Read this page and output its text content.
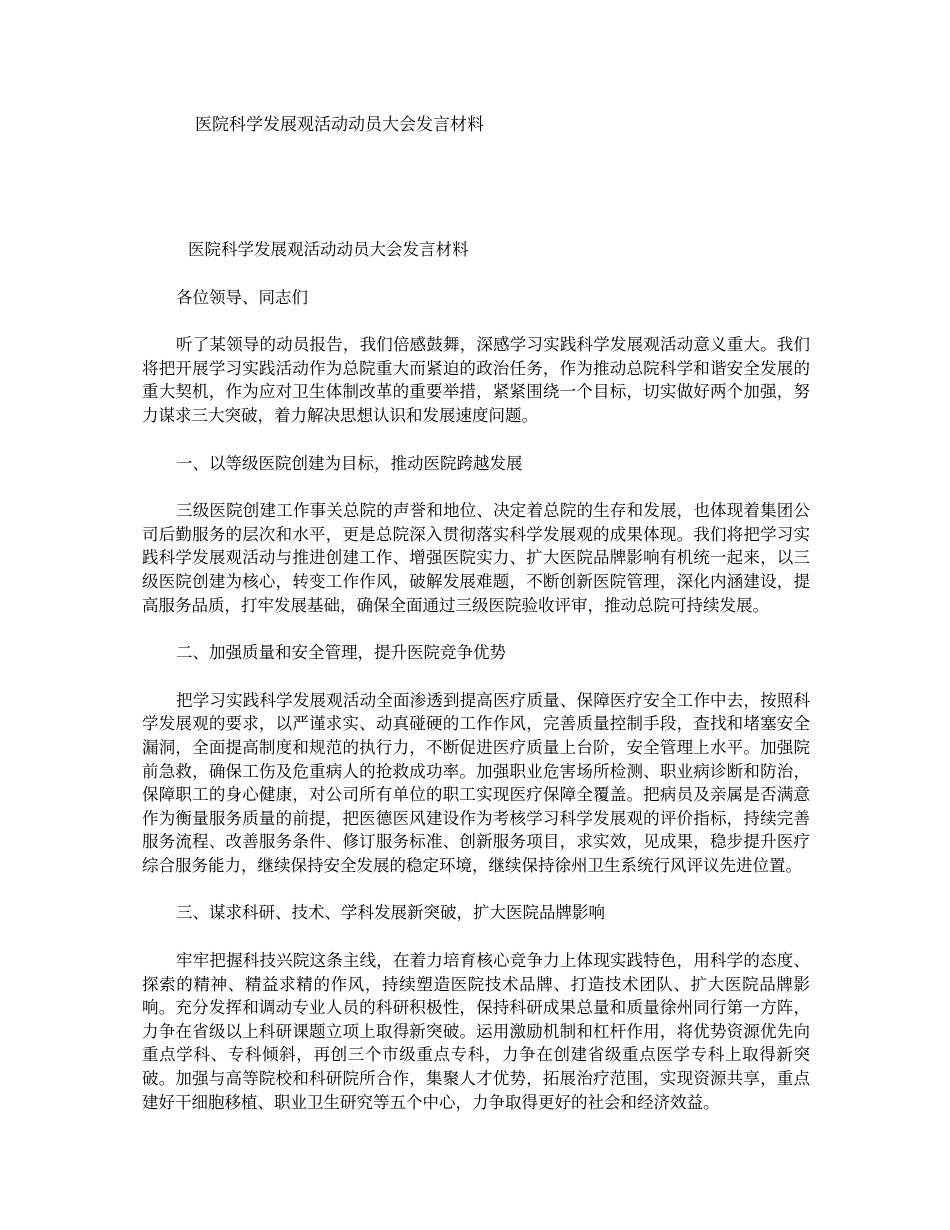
医院科学发展观活动动员大会发言材料

医院科学发展观活动动员大会发言材料

各位领导、同志们

听了某领导的动员报告，我们倍感鼓舞，深感学习实践科学发展观活动意义重大。我们将把开展学习实践活动作为总院重大而紧迫的政治任务，作为推动总院科学和谐安全发展的重大契机，作为应对卫生体制改革的重要举措，紧紧围绕一个目标，切实做好两个加强，努力谋求三大突破，着力解决思想认识和发展速度问题。

一、以等级医院创建为目标，推动医院跨越发展

三级医院创建工作事关总院的声誉和地位、决定着总院的生存和发展，也体现着集团公司后勤服务的层次和水平，更是总院深入贯彻落实科学发展观的成果体现。我们将把学习实践科学发展观活动与推进创建工作、增强医院实力、扩大医院品牌影响有机统一起来，以三级医院创建为核心，转变工作作风，破解发展难题，不断创新医院管理，深化内涵建设，提高服务品质，打牢发展基础，确保全面通过三级医院验收评审，推动总院可持续发展。

二、加强质量和安全管理，提升医院竞争优势

把学习实践科学发展观活动全面渗透到提高医疗质量、保障医疗安全工作中去，按照科学发展观的要求，以严谨求实、动真碰硬的工作作风，完善质量控制手段，查找和堵塞安全漏洞，全面提高制度和规范的执行力，不断促进医疗质量上台阶，安全管理上水平。加强院前急救，确保工伤及危重病人的抢救成功率。加强职业危害场所检测、职业病诊断和防治，保障职工的身心健康，对公司所有单位的职工实现医疗保障全覆盖。把病员及亲属是否满意作为衡量服务质量的前提，把医德医风建设作为考核学习科学发展观的评价指标，持续完善服务流程、改善服务条件、修订服务标准、创新服务项目，求实效，见成果，稳步提升医疗综合服务能力，继续保持安全发展的稳定环境，继续保持徐州卫生系统行风评议先进位置。

三、谋求科研、技术、学科发展新突破，扩大医院品牌影响

牢牢把握科技兴院这条主线，在着力培育核心竞争力上体现实践特色，用科学的态度、探索的精神、精益求精的作风，持续塑造医院技术品牌、打造技术团队、扩大医院品牌影响。充分发挥和调动专业人员的科研积极性，保持科研成果总量和质量徐州同行第一方阵，力争在省级以上科研课题立项上取得新突破。运用激励机制和杠杆作用，将优势资源优先向重点学科、专科倾斜，再创三个市级重点专科，力争在创建省级重点医学专科上取得新突破。加强与高等院校和科研院所合作，集聚人才优势，拓展治疗范围，实现资源共享，重点建好干细胞移植、职业卫生研究等五个中心，力争取得更好的社会和经济效益。
